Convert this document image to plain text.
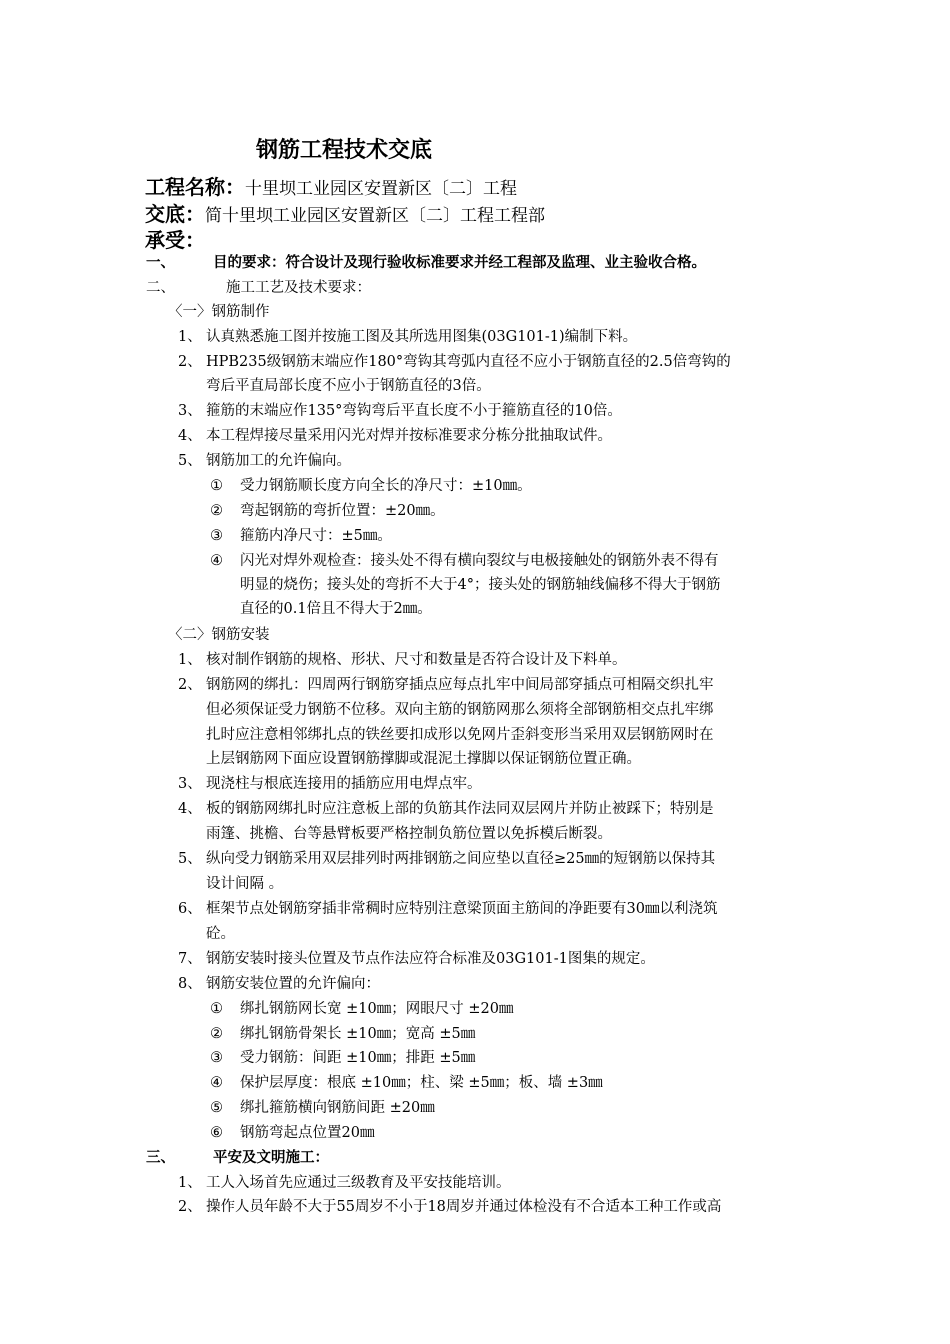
钢筋工程技术交底
工程名称：十里坝工业园区安置新区〔二〕工程
交底：简十里坝工业园区安置新区〔二〕工程工程部
承受：
一、	目的要求：符合设计及现行验收标准要求并经工程部及监理、业主验收合格。
二、	施工工艺及技术要求：
〈一〉钢筋制作
1、 认真熟悉施工图并按施工图及其所选用图集(03G101-1)编制下料。
2、 HPB235级钢筋末端应作180°弯钩其弯弧内直径不应小于钢筋直径的2.5倍弯钩的
弯后平直局部长度不应小于钢筋直径的3倍。
3、 箍筋的末端应作135°弯钩弯后平直长度不小于箍筋直径的10倍。
4、 本工程焊接尽量采用闪光对焊并按标准要求分栋分批抽取试件。
5、 钢筋加工的允许偏向。
① 受力钢筋顺长度方向全长的净尺寸：±10㎜。
② 弯起钢筋的弯折位置：±20㎜。
③ 箍筋内净尺寸：±5㎜。
④ 闪光对焊外观检查：接头处不得有横向裂纹与电极接触处的钢筋外表不得有
明显的烧伤；接头处的弯折不大于4°；接头处的钢筋轴线偏移不得大于钢筋
直径的0.1倍且不得大于2㎜。
〈二〉钢筋安装
1、 核对制作钢筋的规格、形状、尺寸和数量是否符合设计及下料单。
2、 钢筋网的绑扎：四周两行钢筋穿插点应每点扎牢中间局部穿插点可相隔交织扎牢
但必须保证受力钢筋不位移。双向主筋的钢筋网那么须将全部钢筋相交点扎牢绑
扎时应注意相邻绑扎点的铁丝要扣成形以免网片歪斜变形当采用双层钢筋网时在
上层钢筋网下面应设置钢筋撑脚或混泥土撑脚以保证钢筋位置正确。
3、 现浇柱与根底连接用的插筋应用电焊点牢。
4、 板的钢筋网绑扎时应注意板上部的负筋其作法同双层网片并防止被踩下；特别是
雨篷、挑檐、台等悬臂板要严格控制负筋位置以免拆模后断裂。
5、 纵向受力钢筋采用双层排列时两排钢筋之间应垫以直径≥25㎜的短钢筋以保持其
设计间隔 。
6、 框架节点处钢筋穿插非常稠时应特别注意梁顶面主筋间的净距要有30㎜以利浇筑
砼。
7、 钢筋安装时接头位置及节点作法应符合标准及03G101-1图集的规定。
8、 钢筋安装位置的允许偏向：
① 绑扎钢筋网长宽 ±10㎜；网眼尺寸 ±20㎜
② 绑扎钢筋骨架长 ±10㎜；宽高 ±5㎜
③ 受力钢筋：间距 ±10㎜；排距 ±5㎜
④ 保护层厚度：根底 ±10㎜；柱、梁 ±5㎜；板、墙 ±3㎜
⑤ 绑扎箍筋横向钢筋间距 ±20㎜
⑥ 钢筋弯起点位置20㎜
三、	平安及文明施工：
1、 工人入场首先应通过三级教育及平安技能培训。
2、 操作人员年龄不大于55周岁不小于18周岁并通过体检没有不合适本工种工作或高
